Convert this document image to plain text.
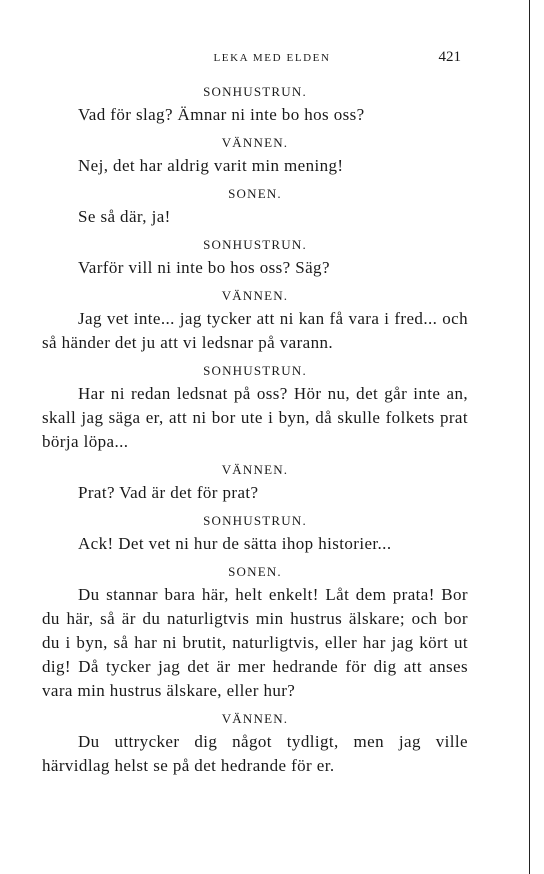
LEKA MED ELDEN	421
SONHUSTRUN.

Vad för slag? Ämnar ni inte bo hos oss?

VÄNNEN.

Nej, det har aldrig varit min mening!

SONEN.

Se så där, ja!

SONHUSTRUN.

Varför vill ni inte bo hos oss? Säg?

VÄNNEN.

Jag vet inte... jag tycker att ni kan få vara i fred... och så händer det ju att vi ledsnar på varann.

SONHUSTRUN.

Har ni redan ledsnat på oss? Hör nu, det går inte an, skall jag säga er, att ni bor ute i byn, då skulle folkets prat börja löpa...

VÄNNEN.

Prat? Vad är det för prat?

SONHUSTRUN.

Ack! Det vet ni hur de sätta ihop historier...

SONEN.

Du stannar bara här, helt enkelt! Låt dem prata! Bor du här, så är du naturligtvis min hustrus älskare; och bor du i byn, så har ni brutit, naturligtvis, eller har jag kört ut dig! Då tycker jag det är mer hedrande för dig att anses vara min hustrus älskare, eller hur?

VÄNNEN.

Du uttrycker dig något tydligt, men jag ville härvidlag helst se på det hedrande för er.
